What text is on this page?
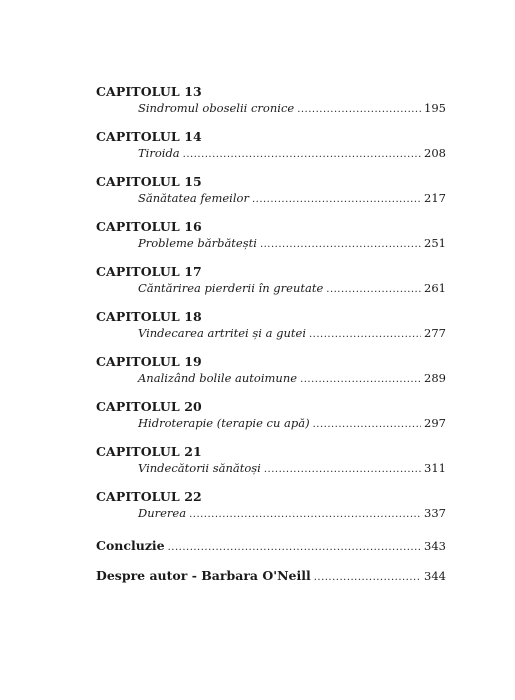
CAPITOLUL 13
Sindromul oboselii cronice .....	195
CAPITOLUL 14
Tiroida .....	208
CAPITOLUL 15
Sănătatea femeilor .....	217
CAPITOLUL 16
Probleme bărbătești .....	251
CAPITOLUL 17
Căntărirea pierderii în greutate .....	261
CAPITOLUL 18
Vindecarea artritei și a gutei .....	277
CAPITOLUL 19
Analizând bolile autoimune .....	289
CAPITOLUL 20
Hidroterapie (terapie cu apă) .....	297
CAPITOLUL 21
Vindecătorii sănătoși .....	311
CAPITOLUL 22
Durerea .....	337
Concluzie .....	343
Despre autor - Barbara O'Neill .....	344
